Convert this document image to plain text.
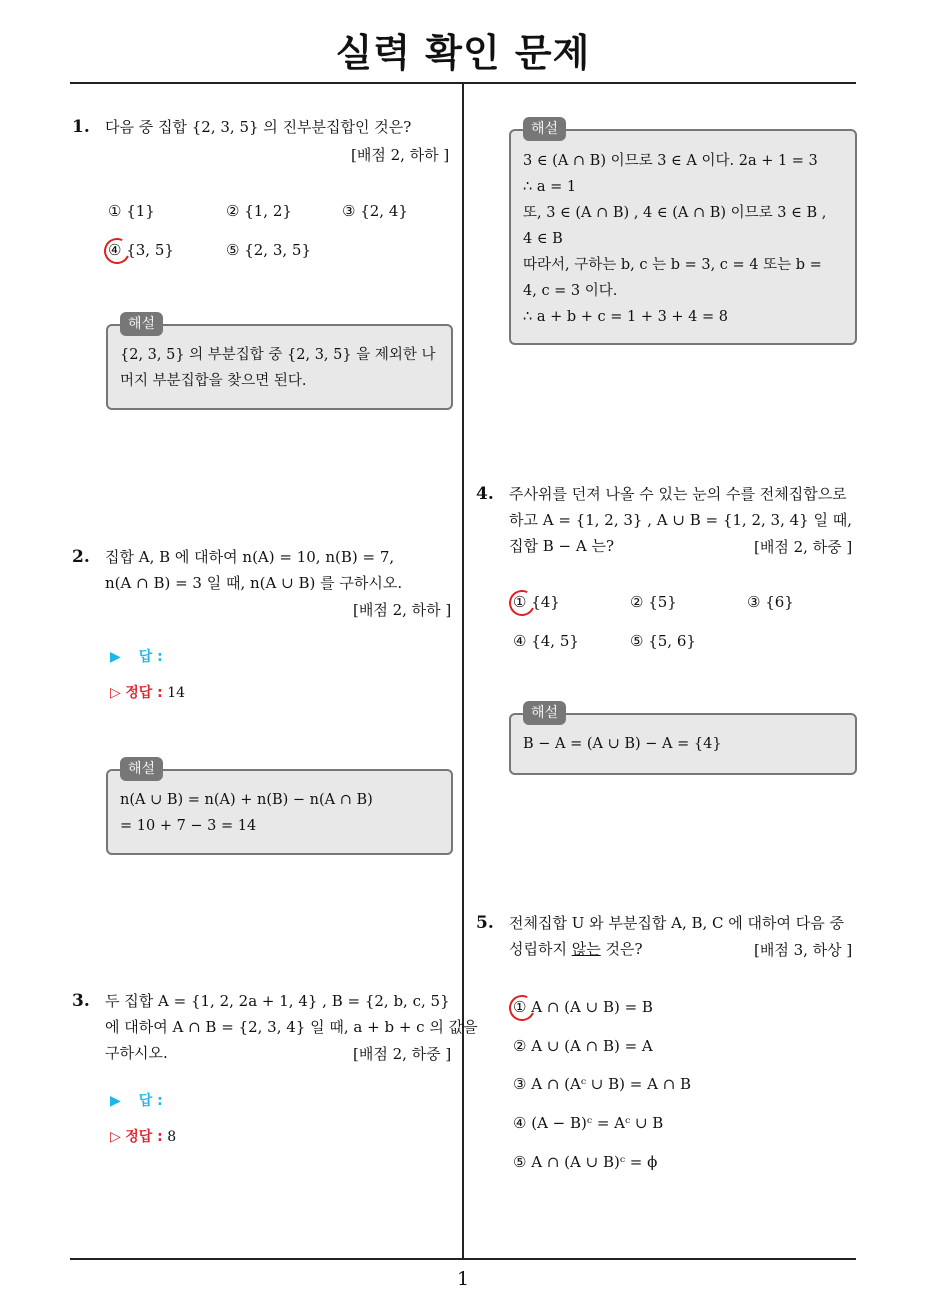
실력 확인 문제
1
1. 다음 중 집합 {2, 3, 5} 의 진부분집합인 것은?
[배점 2, 하하 ]
① {1}	② {1, 2}	③ {2, 4}
④ {3, 5}	⑤ {2, 3, 5}
해설
{2, 3, 5} 의 부분집합 중 {2, 3, 5} 을 제외한 나
머지 부분집합을 찾으면 된다.
2. 집합 A, B 에 대하여 n(A) = 10, n(B) = 7,
n(A ∩ B) = 3 일 때, n(A ∪ B) 를 구하시오.
[배점 2, 하하 ]
▶ 답 :
▷ 정답 : 14
해설
n(A ∪ B) = n(A) + n(B) − n(A ∩ B)
= 10 + 7 − 3 = 14
3. 두 집합 A = {1, 2, 2a + 1, 4} , B = {2, b, c, 5}
에 대하여 A ∩ B = {2, 3, 4} 일 때, a + b + c 의 값을
구하시오.	[배점 2, 하중 ]
▶ 답 :
▷ 정답 : 8
해설
3 ∈ (A ∩ B) 이므로 3 ∈ A 이다. 2a + 1 = 3
∴ a = 1
또, 3 ∈ (A ∩ B) , 4 ∈ (A ∩ B) 이므로 3 ∈ B ,
4 ∈ B
따라서, 구하는 b, c 는 b = 3, c = 4 또는 b =
4, c = 3 이다.
∴ a + b + c = 1 + 3 + 4 = 8
4. 주사위를 던져 나올 수 있는 눈의 수를 전체집합으로
하고 A = {1, 2, 3} , A ∪ B = {1, 2, 3, 4} 일 때,
집합 B − A 는?	[배점 2, 하중 ]
① {4}	② {5}	③ {6}
④ {4, 5}	⑤ {5, 6}
해설
B − A = (A ∪ B) − A = {4}
5. 전체집합 U 와 부분집합 A, B, C 에 대하여 다음 중
성립하지 않는 것은?	[배점 3, 하상 ]
① A ∩ (A ∪ B) = B
② A ∪ (A ∩ B) = A
③ A ∩ (Aᶜ ∪ B) = A ∩ B
④ (A − B)ᶜ = Aᶜ ∪ B
⑤ A ∩ (A ∪ B)ᶜ = ϕ
